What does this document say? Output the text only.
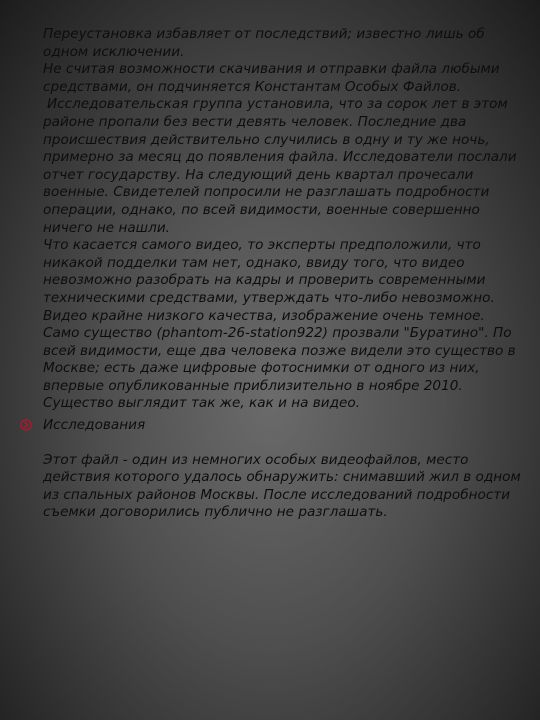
Переустановка избавляет от последствий; известно лишь об одном исключении.

Не считая возможности скачивания и отправки файла любыми средствами, он подчиняется Константам Особых Файлов.

Исследовательская группа установила, что за сорок лет в этом районе пропали без вести девять человек. Последние два происшествия действительно случились в одну и ту же ночь, примерно за месяц до появления файла. Исследователи послали отчет государству. На следующий день квартал прочесали военные. Свидетелей попросили не разглашать подробности операции, однако, по всей видимости, военные совершенно ничего не нашли.

Что касается самого видео, то эксперты предположили, что никакой подделки там нет, однако, ввиду того, что видео невозможно разобрать на кадры и проверить современными техническими средствами, утверждать что-либо невозможно. Видео крайне низкого качества, изображение очень темное.

Само существо (phantom-26-station922) прозвали "Буратино". По всей видимости, еще два человека позже видели это существо в Москве; есть даже цифровые фотоснимки от одного из них, впервые опубликованные приблизительно в ноябре 2010. Существо выглядит так же, как и на видео.

Исследования

Этот файл - один из немногих особых видеофайлов, место действия которого удалось обнаружить: снимавший жил в одном из спальных районов Москвы. После исследований подробности съемки договорились публично не разглашать.
